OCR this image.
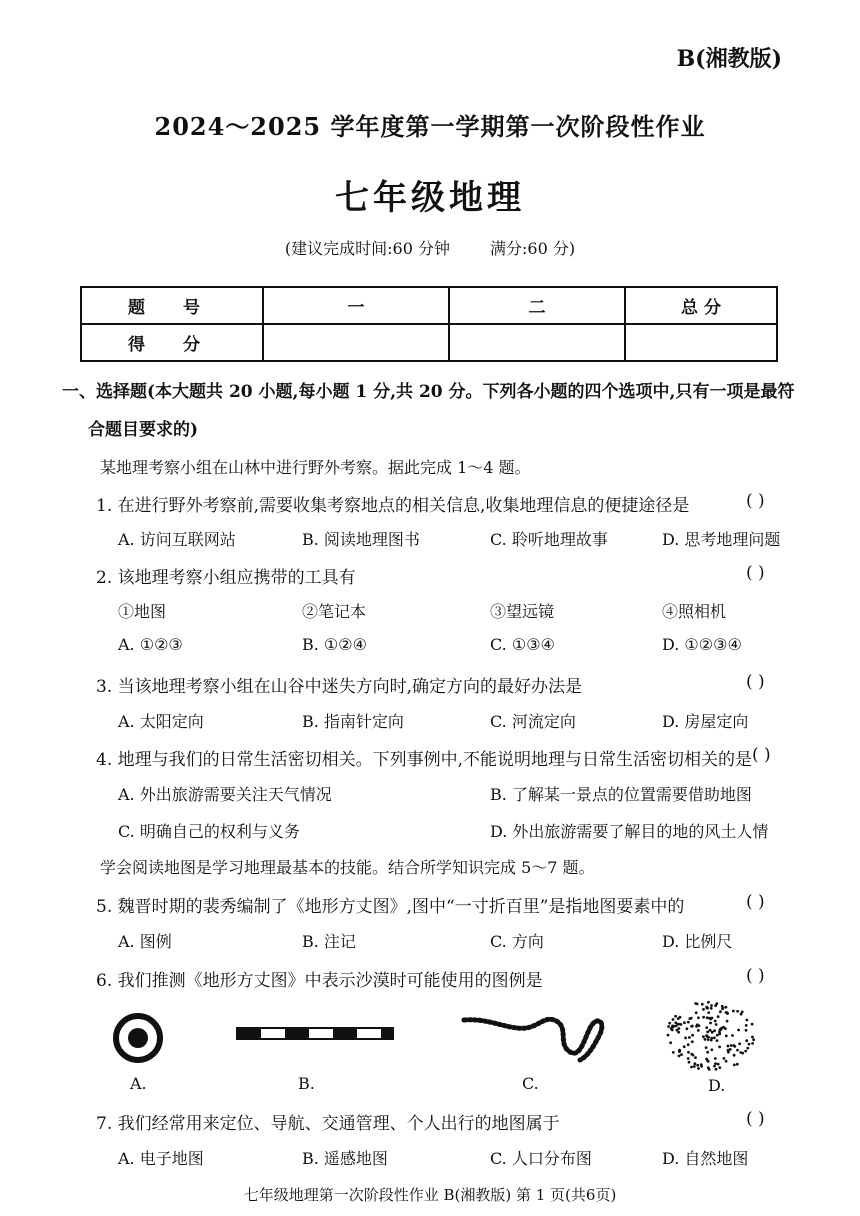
B(湘教版)
2024～2025 学年度第一学期第一次阶段性作业
七年级地理
(建议完成时间:60 分钟	满分:60 分)
题 号	一	二	总 分
得 分			
一、选择题(本大题共 20 小题,每小题 1 分,共 20 分。下列各小题的四个选项中,只有一项是最符
合题目要求的)
某地理考察小组在山林中进行野外考察。据此完成 1～4 题。
1. 在进行野外考察前,需要收集考察地点的相关信息,收集地理信息的便捷途径是	( )
A. 访问互联网站	B. 阅读地理图书	C. 聆听地理故事	D. 思考地理问题
2. 该地理考察小组应携带的工具有	( )
①地图	②笔记本	③望远镜	④照相机
A. ①②③	B. ①②④	C. ①③④	D. ①②③④
3. 当该地理考察小组在山谷中迷失方向时,确定方向的最好办法是	( )
A. 太阳定向	B. 指南针定向	C. 河流定向	D. 房屋定向
4. 地理与我们的日常生活密切相关。下列事例中,不能说明地理与日常生活密切相关的是 ( )
A. 外出旅游需要关注天气情况	B. 了解某一景点的位置需要借助地图
C. 明确自己的权利与义务	D. 外出旅游需要了解目的地的风土人情
学会阅读地图是学习地理最基本的技能。结合所学知识完成 5～7 题。
5. 魏晋时期的裴秀编制了《地形方丈图》,图中“一寸折百里”是指地图要素中的	( )
A. 图例	B. 注记	C. 方向	D. 比例尺
6. 我们推测《地形方丈图》中表示沙漠时可能使用的图例是	( )
A.	B.	C.	D.
7. 我们经常用来定位、导航、交通管理、个人出行的地图属于	( )
A. 电子地图	B. 遥感地图	C. 人口分布图	D. 自然地图
七年级地理第一次阶段性作业 B(湘教版) 第 1 页(共6页)
